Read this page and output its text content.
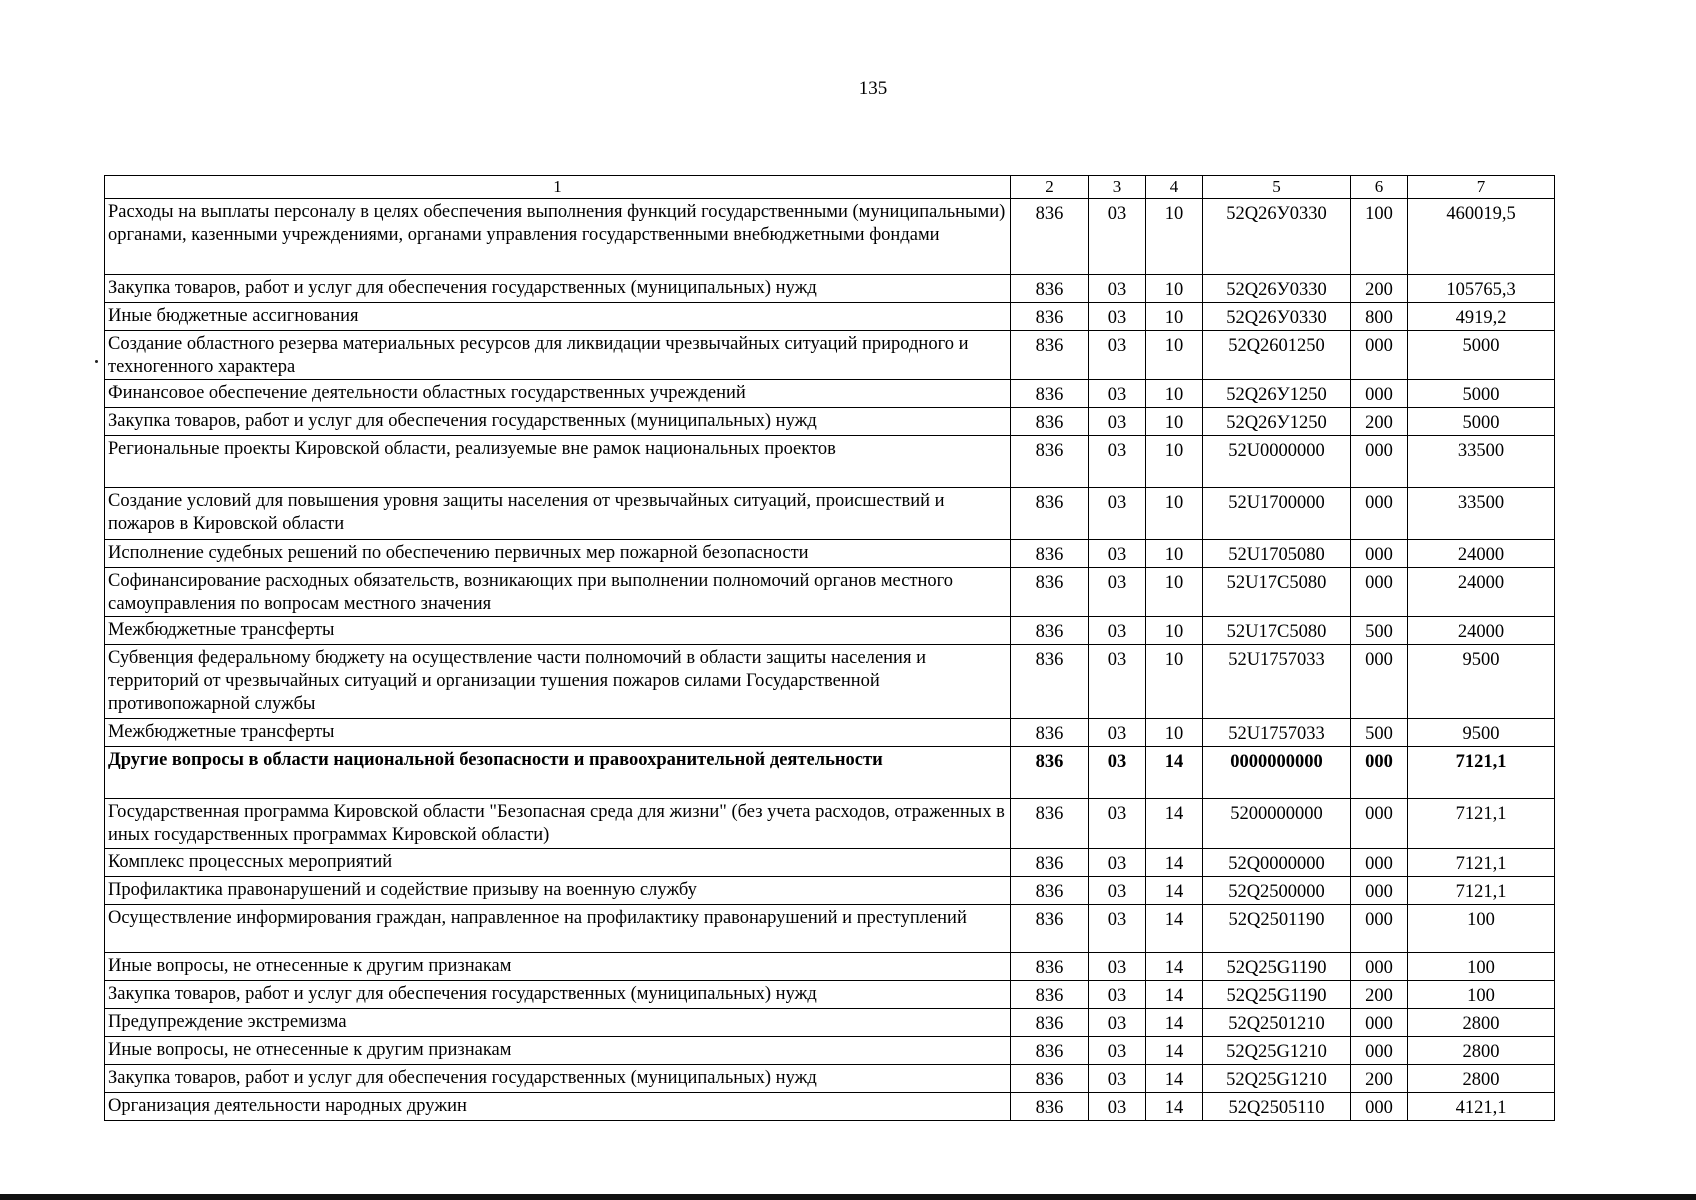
135
1	2	3	4	5	6	7
Расходы на выплаты персоналу в целях обеспечения выполнения функций государственными (муниципальными) органами, казенными учреждениями, органами управления государственными внебюджетными фондами	836	03	10	52Q26У0330	100	460019,5
Закупка товаров, работ и услуг для обеспечения государственных (муниципальных) нужд	836	03	10	52Q26У0330	200	105765,3
Иные бюджетные ассигнования	836	03	10	52Q26У0330	800	4919,2
Создание областного резерва материальных ресурсов для ликвидации чрезвычайных ситуаций природного и техногенного характера	836	03	10	52Q2601250	000	5000
Финансовое обеспечение деятельности областных государственных учреждений	836	03	10	52Q26У1250	000	5000
Закупка товаров, работ и услуг для обеспечения государственных (муниципальных) нужд	836	03	10	52Q26У1250	200	5000
Региональные проекты Кировской области, реализуемые вне рамок национальных проектов	836	03	10	52U0000000	000	33500
Создание условий для повышения уровня защиты населения от чрезвычайных ситуаций, происшествий и пожаров в Кировской области	836	03	10	52U1700000	000	33500
Исполнение судебных решений по обеспечению первичных мер пожарной безопасности	836	03	10	52U1705080	000	24000
Софинансирование расходных обязательств, возникающих при выполнении полномочий органов местного самоуправления по вопросам местного значения	836	03	10	52U17C5080	000	24000
Межбюджетные трансферты	836	03	10	52U17C5080	500	24000
Субвенция федеральному бюджету на осуществление части полномочий в области защиты населения и территорий от чрезвычайных ситуаций и организации тушения пожаров силами Государственной противопожарной службы	836	03	10	52U1757033	000	9500
Межбюджетные трансферты	836	03	10	52U1757033	500	9500
Другие вопросы в области национальной безопасности и правоохранительной деятельности	836	03	14	0000000000	000	7121,1
Государственная программа Кировской области "Безопасная среда для жизни" (без учета расходов, отраженных в иных государственных программах Кировской области)	836	03	14	5200000000	000	7121,1
Комплекс процессных мероприятий	836	03	14	52Q0000000	000	7121,1
Профилактика правонарушений и содействие призыву на военную службу	836	03	14	52Q2500000	000	7121,1
Осуществление информирования граждан, направленное на профилактику правонарушений и преступлений	836	03	14	52Q2501190	000	100
Иные вопросы, не отнесенные к другим признакам	836	03	14	52Q25G1190	000	100
Закупка товаров, работ и услуг для обеспечения государственных (муниципальных) нужд	836	03	14	52Q25G1190	200	100
Предупреждение экстремизма	836	03	14	52Q2501210	000	2800
Иные вопросы, не отнесенные к другим признакам	836	03	14	52Q25G1210	000	2800
Закупка товаров, работ и услуг для обеспечения государственных (муниципальных) нужд	836	03	14	52Q25G1210	200	2800
Организация деятельности народных дружин	836	03	14	52Q2505110	000	4121,1
